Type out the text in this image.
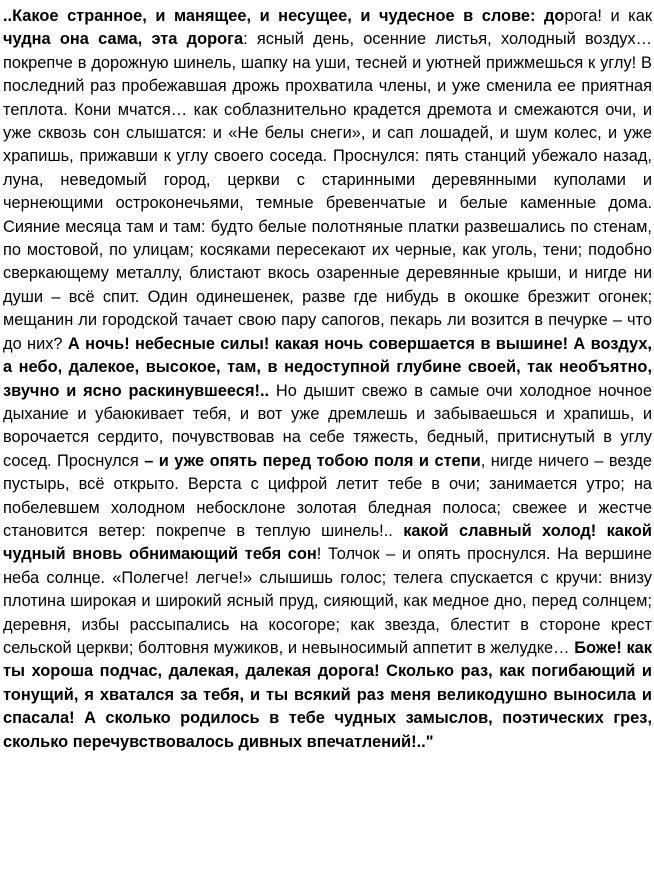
..Какое странное, и манящее, и несущее, и чудесное в слове: дорога! и как чудна она сама, эта дорога: ясный день, осенние листья, холодный воздух… покрепче в дорожную шинель, шапку на уши, тесней и уютней прижмешься к углу! В последний раз пробежавшая дрожь прохватила члены, и уже сменила ее приятная теплота. Кони мчатся… как соблазнительно крадется дремота и смежаются очи, и уже сквозь сон слышатся: и «Не белы снеги», и сап лошадей, и шум колес, и уже храпишь, прижавши к углу своего соседа. Проснулся: пять станций убежало назад, луна, неведомый город, церкви с старинными деревянными куполами и чернеющими остроконечьями, темные бревенчатые и белые каменные дома. Сияние месяца там и там: будто белые полотняные платки развешались по стенам, по мостовой, по улицам; косяками пересекают их черные, как уголь, тени; подобно сверкающему металлу, блистают вкось озаренные деревянные крыши, и нигде ни души – всё спит. Один одинешенек, разве где нибудь в окошке брезжит огонек; мещанин ли городской тачает свою пару сапогов, пекарь ли возится в печурке – что до них? А ночь! небесные силы! какая ночь совершается в вышине! А воздух, а небо, далекое, высокое, там, в недоступной глубине своей, так необъятно, звучно и ясно раскинувшееся!.. Но дышит свежо в самые очи холодное ночное дыхание и убаюкивает тебя, и вот уже дремлешь и забываешься и храпишь, и ворочается сердито, почувствовав на себе тяжесть, бедный, притиснутый в углу сосед. Проснулся – и уже опять перед тобою поля и степи, нигде ничего – везде пустырь, всё открыто. Верста с цифрой летит тебе в очи; занимается утро; на побелевшем холодном небосклоне золотая бледная полоса; свежее и жестче становится ветер: покрепче в теплую шинель!.. какой славный холод! какой чудный вновь обнимающий тебя сон! Толчок – и опять проснулся. На вершине неба солнце. «Полегче! легче!» слышишь голос; телега спускается с кручи: внизу плотина широкая и широкий ясный пруд, сияющий, как медное дно, перед солнцем; деревня, избы рассыпались на косогоре; как звезда, блестит в стороне крест сельской церкви; болтовня мужиков, и невыносимый аппетит в желудке… Боже! как ты хороша подчас, далекая, далекая дорога! Сколько раз, как погибающий и тонущий, я хватался за тебя, и ты всякий раз меня великодушно выносила и спасала! А сколько родилось в тебе чудных замыслов, поэтических грез, сколько перечувствовалось дивных впечатлений!.."
